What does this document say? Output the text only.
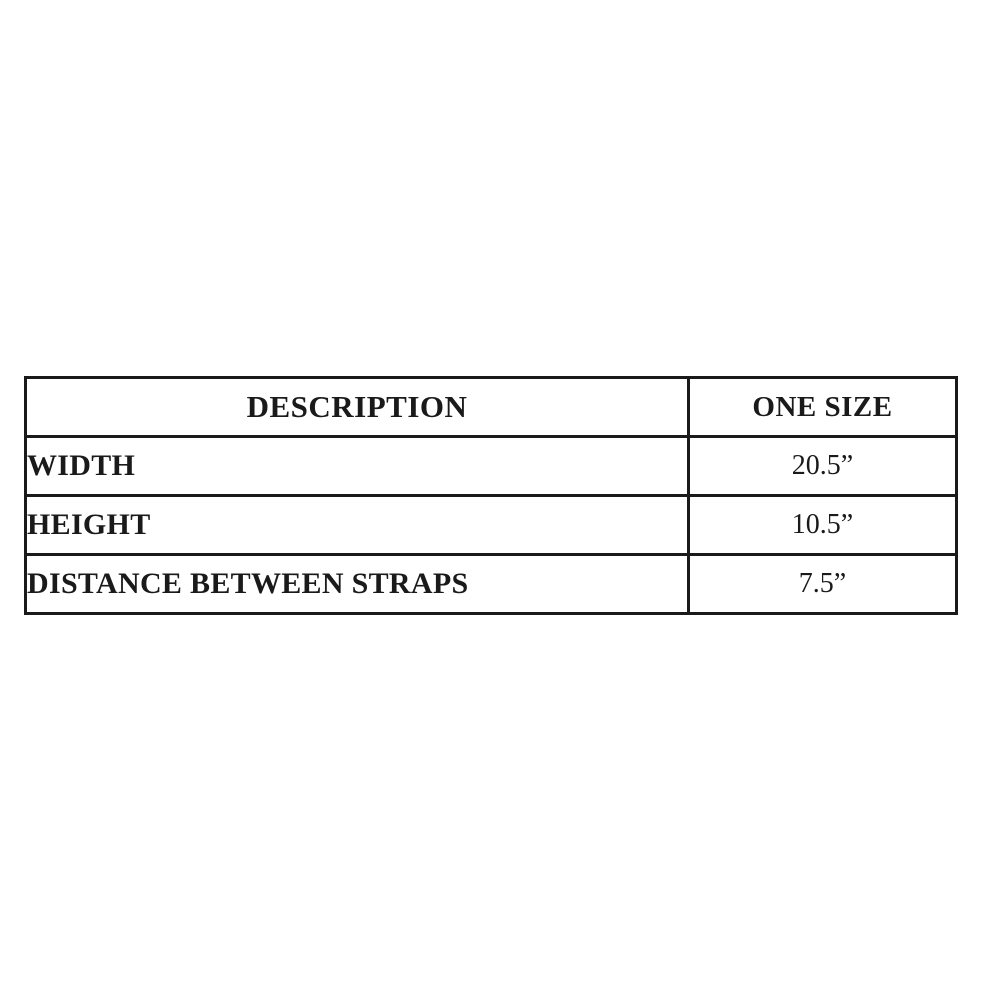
DESCRIPTION	ONE SIZE
WIDTH	20.5”
HEIGHT	10.5”
DISTANCE BETWEEN STRAPS	7.5”
